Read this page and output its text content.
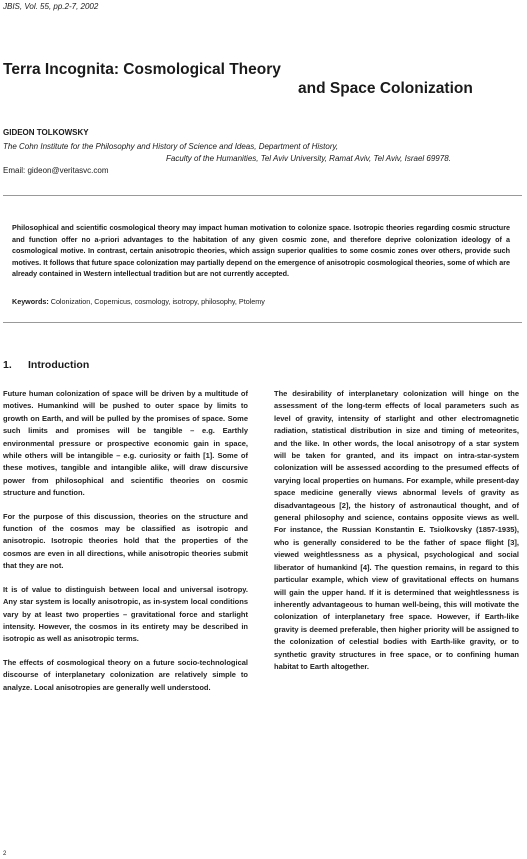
JBIS, Vol. 55, pp.2-7, 2002
Terra Incognita: Cosmological Theory
and Space Colonization
GIDEON TOLKOWSKY
The Cohn Institute for the Philosophy and History of Science and Ideas, Department of History,
Faculty of the Humanities, Tel Aviv University, Ramat Aviv, Tel Aviv, Israel 69978.
Email: gideon@veritasvc.com
Philosophical and scientific cosmological theory may impact human motivation to colonize space. Isotropic theories regarding cosmic structure and function offer no a-priori advantages to the habitation of any given cosmic zone, and therefore deprive colonization ideology of a cosmological motive. In contrast, certain anisotropic theories, which assign superior qualities to some cosmic zones over others, provide such motives. It follows that future space colonization may partially depend on the emergence of anisotropic cosmological theories, some of which are already contained in Western intellectual tradition but are not currently accepted.
Keywords: Colonization, Copernicus, cosmology, isotropy, philosophy, Ptolemy
1. Introduction

Future human colonization of space will be driven by a multitude of motives. Humankind will be pushed to outer space by limits to growth on Earth, and will be pulled by the promises of space. Some such limits and promises will be tangible – e.g. Earthly environmental pressure or prospective economic gain in space, while others will be intangible – e.g. curiosity or faith [1]. Some of these motives, tangible and intangible alike, will draw discursive power from philosophical and scientific theories on cosmic structure and function.

For the purpose of this discussion, theories on the structure and function of the cosmos may be classified as isotropic and anisotropic. Isotropic theories hold that the properties of the cosmos are even in all directions, while anisotropic theories submit that they are not.

It is of value to distinguish between local and universal isotropy. Any star system is locally anisotropic, as in-system local conditions vary by at least two properties – gravitational force and starlight intensity. However, the cosmos in its entirety may be described in isotropic as well as anisotropic terms.

The effects of cosmological theory on a future socio-technological discourse of interplanetary colonization are relatively simple to analyze. Local anisotropies are generally well understood.

The desirability of interplanetary colonization will hinge on the assessment of the long-term effects of local parameters such as level of gravity, intensity of starlight and other electromagnetic radiation, statistical distribution in size and timing of meteorites, and the like. In other words, the local anisotropy of a star system will be taken for granted, and its impact on intra-star-system colonization will be assessed according to the presumed effects of varying local properties on humans. For example, while present-day space medicine generally views abnormal levels of gravity as disadvantageous [2], the history of astronautical thought, and of general philosophy and science, contains opposite views as well. For instance, the Russian Konstantin E. Tsiolkovsky (1857-1935), who is generally considered to be the father of space flight [3], viewed weightlessness as a physical, psychological and social liberator of humankind [4]. The question remains, in regard to this particular example, which view of gravitational effects on humans will gain the upper hand. If it is determined that weightlessness is inherently advantageous to human well-being, this will motivate the colonization of interplanetary free space. However, if Earth-like gravity is deemed preferable, then higher priority will be assigned to the colonization of celestial bodies with Earth-like gravity, or to synthetic gravity structures in free space, or to confining human habitat to Earth altogether.

2
